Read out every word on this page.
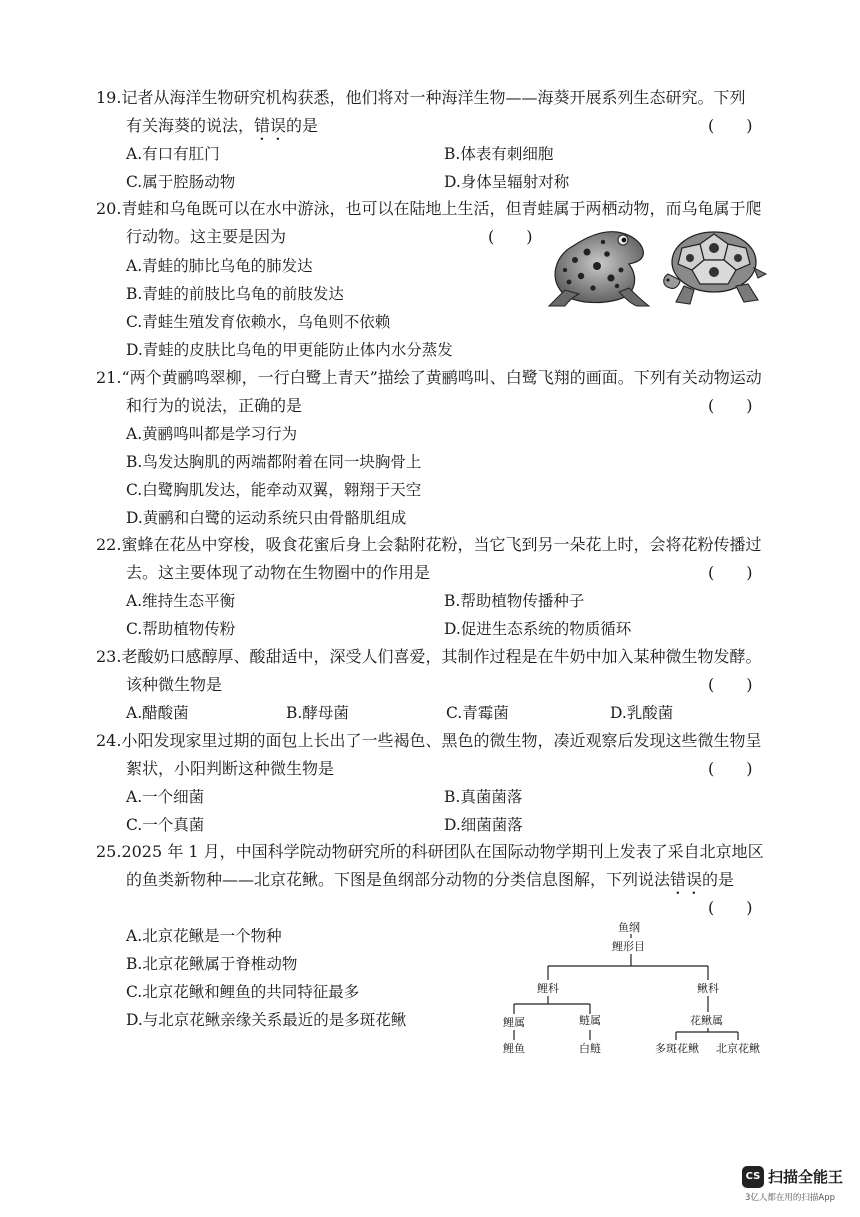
19.记者从海洋生物研究机构获悉，他们将对一种海洋生物——海葵开展系列生态研究。下列
有关海葵的说法，错误的是	(　　)
A.有口有肛门	B.体表有刺细胞
C.属于腔肠动物	D.身体呈辐射对称
20.青蛙和乌龟既可以在水中游泳，也可以在陆地上生活，但青蛙属于两栖动物，而乌龟属于爬
行动物。这主要是因为	(　　)
A.青蛙的肺比乌龟的肺发达
B.青蛙的前肢比乌龟的前肢发达
C.青蛙生殖发育依赖水，乌龟则不依赖
D.青蛙的皮肤比乌龟的甲更能防止体内水分蒸发
21.“两个黄鹂鸣翠柳，一行白鹭上青天”描绘了黄鹂鸣叫、白鹭飞翔的画面。下列有关动物运动
和行为的说法，正确的是	(　　)
A.黄鹂鸣叫都是学习行为
B.鸟发达胸肌的两端都附着在同一块胸骨上
C.白鹭胸肌发达，能牵动双翼，翱翔于天空
D.黄鹂和白鹭的运动系统只由骨骼肌组成
22.蜜蜂在花丛中穿梭，吸食花蜜后身上会黏附花粉，当它飞到另一朵花上时，会将花粉传播过
去。这主要体现了动物在生物圈中的作用是	(　　)
A.维持生态平衡	B.帮助植物传播种子
C.帮助植物传粉	D.促进生态系统的物质循环
23.老酸奶口感醇厚、酸甜适中，深受人们喜爱，其制作过程是在牛奶中加入某种微生物发酵。
该种微生物是	(　　)
A.醋酸菌	B.酵母菌	C.青霉菌	D.乳酸菌
24.小阳发现家里过期的面包上长出了一些褐色、黑色的微生物，凑近观察后发现这些微生物呈
絮状，小阳判断这种微生物是	(　　)
A.一个细菌	B.真菌菌落
C.一个真菌	D.细菌菌落
25.2025 年 1 月，中国科学院动物研究所的科研团队在国际动物学期刊上发表了采自北京地区
的鱼类新物种——北京花鳅。下图是鱼纲部分动物的分类信息图解，下列说法错误的是
(　　)
A.北京花鳅是一个物种
B.北京花鳅属于脊椎动物
C.北京花鳅和鲤鱼的共同特征最多
D.与北京花鳅亲缘关系最近的是多斑花鳅
鱼纲
鲤形目
鲤科	鳅科
鲤属	鲢属	花鳅属
鲤鱼	白鲢	多斑花鳅 北京花鳅
CS 扫描全能王
3亿人都在用的扫描App
